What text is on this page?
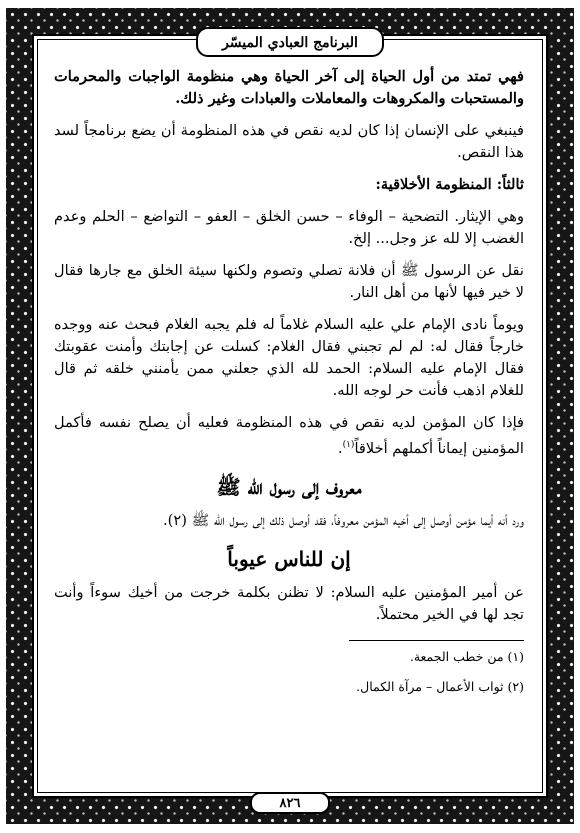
البرنامج العبادي الميسّر

فهي تمتد من أول الحياة إلى آخر الحياة وهي منظومة الواجبات والمحرمات والمستحبات والمكروهات والمعاملات والعبادات وغير ذلك.

فينبغي على الإنسان إذا كان لديه نقص في هذه المنظومة أن يضع برنامجاً لسد هذا النقص.

ثالثاً: المنظومة الأخلاقية:

وهي الإيثار. التضحية – الوفاء – حسن الخلق – العفو – التواضع – الحلم وعدم الغضب إلا لله عز وجل... إلخ.

نقل عن الرسول ﷺ أن فلانة تصلي وتصوم ولكنها سيئة الخلق مع جارها فقال لا خير فيها لأنها من أهل النار.

ويوماً نادى الإمام علي عليه السلام غلاماً له فلم يجبه الغلام فبحث عنه ووجده خارجاً فقال له: لم لم تجبني فقال الغلام: كسلت عن إجابتك وأمنت عقوبتك فقال الإمام عليه السلام: الحمد لله الذي جعلني ممن يأمنني خلقه ثم قال للغلام اذهب فأنت حر لوجه الله.

فإذا كان المؤمن لديه نقص في هذه المنظومة فعليه أن يصلح نفسه فأكمل المؤمنين إيماناً أكملهم أخلاقاً$^{(١)}$.

معروف إلى رسول الله ﷺ

ورد أنه أيما مؤمن أوصل إلى أخيه المؤمن معروفاً، فقد أوصل ذلك إلى رسول الله ﷺ (٢).

إن للناس عيوباً

عن أمير المؤمنين عليه السلام: لا تظنن بكلمة خرجت من أخيك سوءاً وأنت تجد لها في الخير محتملاً.

(١) من خطب الجمعة.

(٢) ثواب الأعمال – مرآة الكمال.

٨٢٦
